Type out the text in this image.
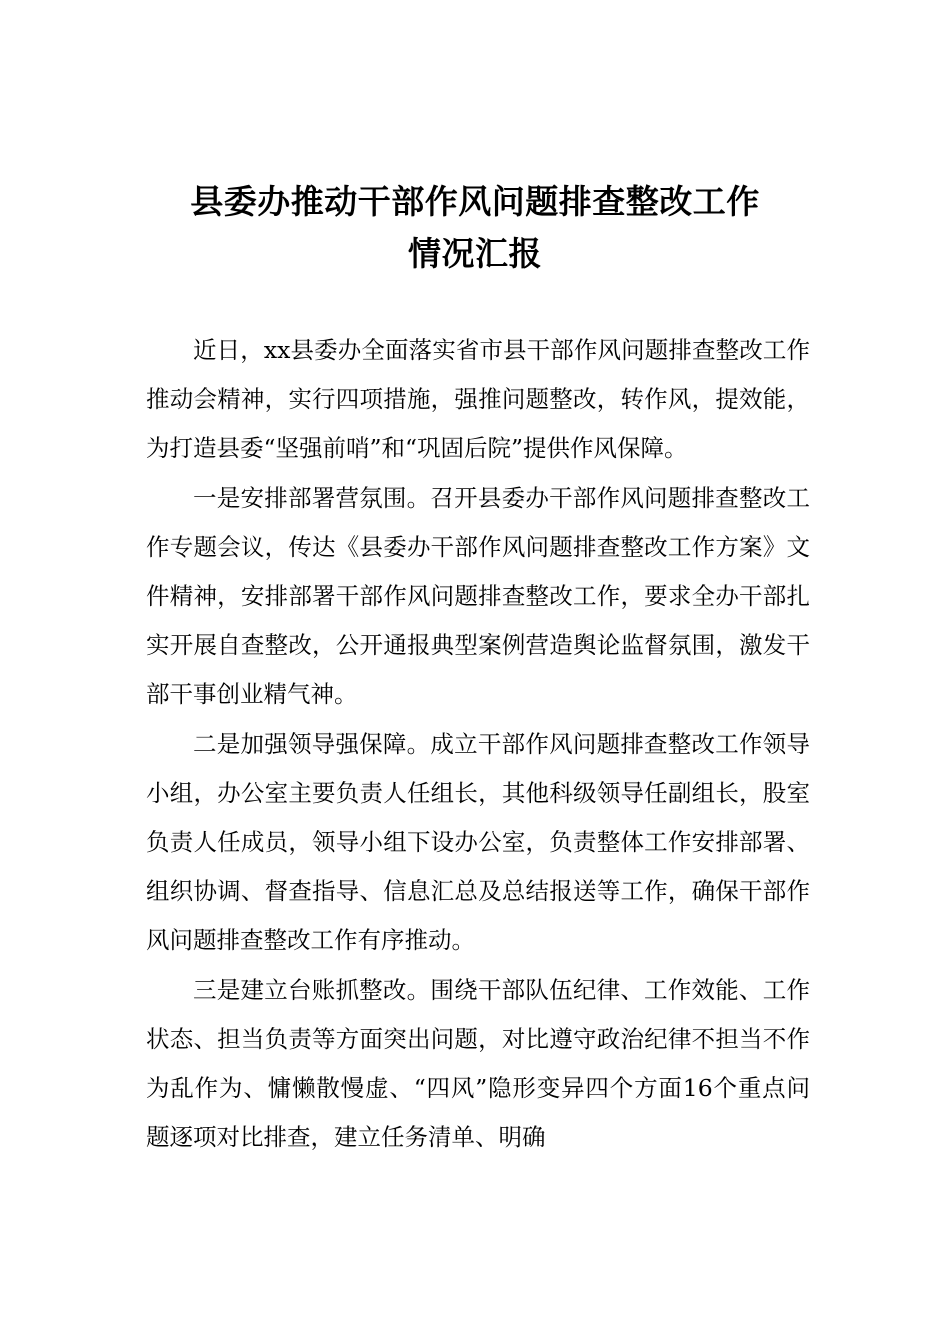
县委办推动干部作风问题排查整改工作
情况汇报

近日，xx县委办全面落实省市县干部作风问题排查整改工作推动会精神，实行四项措施，强推问题整改，转作风，提效能，为打造县委“坚强前哨”和“巩固后院”提供作风保障。

一是安排部署营氛围。召开县委办干部作风问题排查整改工作专题会议，传达《县委办干部作风问题排查整改工作方案》文件精神，安排部署干部作风问题排查整改工作，要求全办干部扎实开展自查整改，公开通报典型案例营造舆论监督氛围，激发干部干事创业精气神。

二是加强领导强保障。成立干部作风问题排查整改工作领导小组，办公室主要负责人任组长，其他科级领导任副组长，股室负责人任成员，领导小组下设办公室，负责整体工作安排部署、组织协调、督查指导、信息汇总及总结报送等工作，确保干部作风问题排查整改工作有序推动。

三是建立台账抓整改。围绕干部队伍纪律、工作效能、工作状态、担当负责等方面突出问题，对比遵守政治纪律不担当不作为乱作为、慵懒散慢虚、“四风”隐形变异四个方面16个重点问题逐项对比排查，建立任务清单、明确
